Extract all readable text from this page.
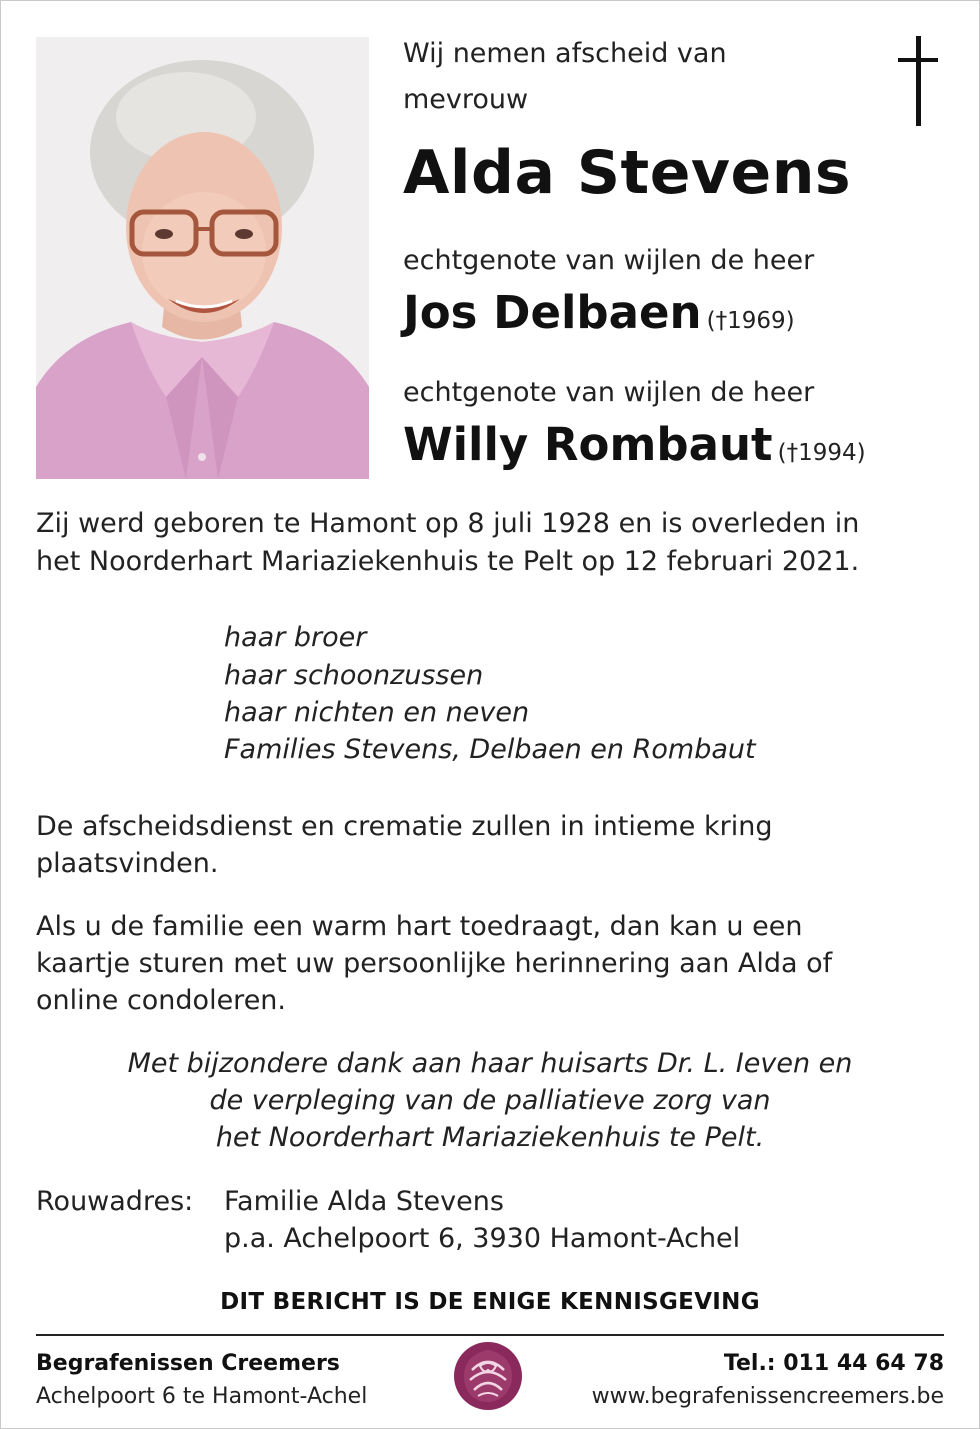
Wij nemen afscheid van
mevrouw
Alda Stevens
echtgenote van wijlen de heer
Jos Delbaen (†1969)
echtgenote van wijlen de heer
Willy Rombaut (†1994)
Zij werd geboren te Hamont op 8 juli 1928 en is overleden in
het Noorderhart Mariaziekenhuis te Pelt op 12 februari 2021.
haar broer
haar schoonzussen
haar nichten en neven
Families Stevens, Delbaen en Rombaut
De afscheidsdienst en crematie zullen in intieme kring
plaatsvinden.
Als u de familie een warm hart toedraagt, dan kan u een
kaartje sturen met uw persoonlijke herinnering aan Alda of
online condoleren.
Met bijzondere dank aan haar huisarts Dr. L. Ieven en
de verpleging van de palliatieve zorg van
het Noorderhart Mariaziekenhuis te Pelt.
Rouwadres: Familie Alda Stevens
p.a. Achelpoort 6, 3930 Hamont-Achel
DIT BERICHT IS DE ENIGE KENNISGEVING
Begrafenissen Creemers
Achelpoort 6 te Hamont-Achel
Tel.: 011 44 64 78
www.begrafenissencreemers.be
